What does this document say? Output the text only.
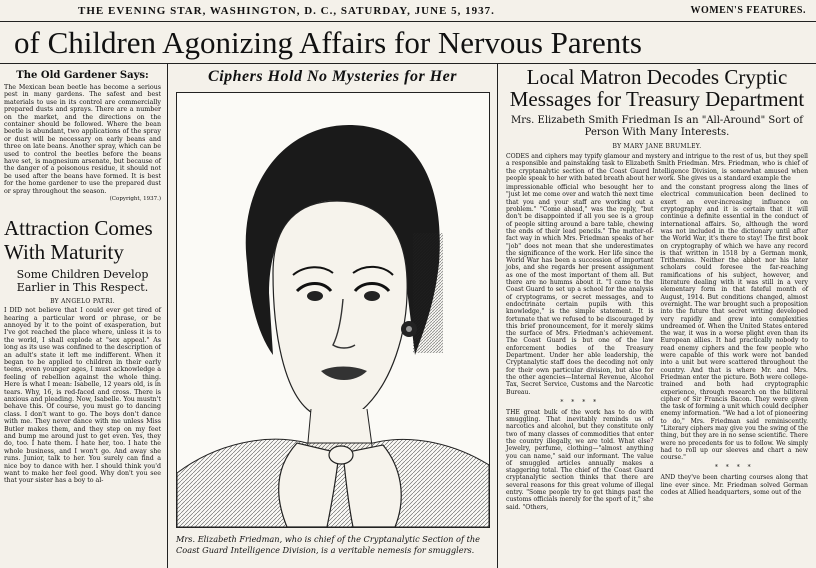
THE EVENING STAR, WASHINGTON, D. C., SATURDAY, JUNE 5, 1937.	WOMEN'S FEATURES.
of Children Agonizing Affairs for Nervous Parents
The Old Gardener Says:

The Mexican bean beetle has become a serious pest in many gardens. The safest and best materials to use in its control are commercially prepared dusts and sprays. There are a number on the market, and the directions on the container should be followed. Where the bean beetle is abundant, two applications of the spray or dust will be necessary on early beans and three on late beans. Another spray, which can be used to control the beetles before the beans have set, is magnesium arsenate, but because of the danger of a poisonous residue, it should not be used after the beans have formed. It is best for the home gardener to use the prepared dust or spray throughout the season.

(Copyright, 1937.)
Attraction Comes With Maturity
Some Children Develop Earlier in This Respect.
BY ANGELO PATRI.

I DID not believe that I could ever get tired of hearing a particular word or phrase, or be annoyed by it to the point of exasperation, but I've got reached the place where, unless it is to the world, I shall explode at "sex appeal." As long as its use was confined to the description of an adult's state it left me indifferent. When it began to be applied to children in their early teens, even younger ages, I must acknowledge a feeling of rebellion against the whole thing. Here is what I mean: Isabelle, 12 years old, is in tears. Why, 16, is red-faced and cross. There is anxious and pleading. Now, Isabelle. You mustn't behave this. Of course, you must go to dancing class. I don't want to go. The boys don't dance with me. They never dance with me unless Miss Butler makes them, and they step on my feet and bump me around just to get even. Yes, they do, too. I hate them. I hate her, too. I hate the whole business, and I won't go. And away she runs. Junior, talk to her. You surely can find a nice boy to dance with her. I should think you'd want to make her feel good. Why don't you see that your sister has a boy to al-

Ciphers Hold No Mysteries for Her
Mrs. Elizabeth Friedman, who is chief of the Cryptanalytic Section of the Coast Guard Intelligence Division, is a veritable nemesis for smugglers.
Local Matron Decodes Cryptic Messages for Treasury Department
Mrs. Elizabeth Smith Friedman Is an "All-Around" Sort of Person With Many Interests.
BY MARY JANE BRUMLEY.

CODES and ciphers may typify glamour and mystery and intrigue to the rest of us, but they spell a responsible and painstaking task to Elizabeth Smith Friedman. Mrs. Friedman, who is chief of the cryptanalytic section of the Coast Guard Intelligence Division, is somewhat amused when people speak to her with bated breath about her work. She gives us a standard example the

impressionable official who besought her to "just let me come over and watch the next time that you and your staff are working out a problem." "Come ahead," was the reply, "but don't be disappointed if all you see is a group of people sitting around a bare table, chewing the ends of their lead pencils." The matter-of-fact way in which Mrs. Friedman speaks of her "job" does not mean that she underestimates the significance of the work. Her life since the World War has been a succession of important jobs, and she regards her present assignment as one of the most important of them all. But there are no humms about it. "I came to the Coast Guard to set up a school for the analysis of cryptograms, or secret messages, and to endoctrinate certain pupils with this knowledge," is the simple statement. It is fortunate that we refused to be discouraged by this brief pronouncement, for it merely skims the surface of Mrs. Friedman's achievement. The Coast Guard is but one of the law enforcement bodies of the Treasury Department. Under her able leadership, the Cryptanalytic staff does the decoding not only for their own particular division, but also for the other agencies—Internal Revenue, Alcohol Tax, Secret Service, Customs and the Narcotic Bureau.

* * * *

THE great bulk of the work has to do with smuggling. That inevitably reminds us of narcotics and alcohol, but they constitute only two of many classes of commodities that enter the country illegally, we are told. What else? Jewelry, perfume, clothing—"almost anything you can name," said our informant. The value of smuggled articles annually makes a staggering total. The chief of the Coast Guard cryptanalytic section thinks that there are several reasons for this great volume of illegal entry. "Some people try to get things past the customs officials merely for the sport of it," she said. "Others,

and the constant progress along the lines of electrical communication been declined to exert an ever-increasing influence on cryptography and it is certain that it will continue a definite essential in the conduct of international affairs. So, although the word was not included in the dictionary until after the World War, it's there to stay! The first book on cryptography of which we have any record is that written in 1518 by a German monk, Trithemius. Neither the abbot nor his later scholars could foresee the far-reaching ramifications of his subject, however, and literature dealing with it was still in a very elementary form in that fateful month of August, 1914. But conditions changed, almost overnight. The war brought such a proposition into the future that secret writing developed very rapidly and grew into complexities undreamed of. When the United States entered the war, it was in a worse plight even than its European allies. It had practically nobody to read enemy ciphers and the few people who were capable of this work were not banded into a unit but were scattered throughout the country. And that is where Mr. and Mrs. Friedman enter the picture. Both were college-trained and both had cryptographic experience, through research on the biliteral cipher of Sir Francis Bacon. They were given the task of forming a unit which could decipher enemy information. "We had a lot of pioneering to do," Mrs. Friedman said reminiscently. "Literary ciphers may give you the swing of the thing, but they are in no sense scientific. There were no precedents for us to follow. We simply had to roll up our sleeves and chart a new course."

* * * *

AND they've been charting courses along that line ever since. Mr. Friedman solved German codes at Allied headquarters, some out of the
